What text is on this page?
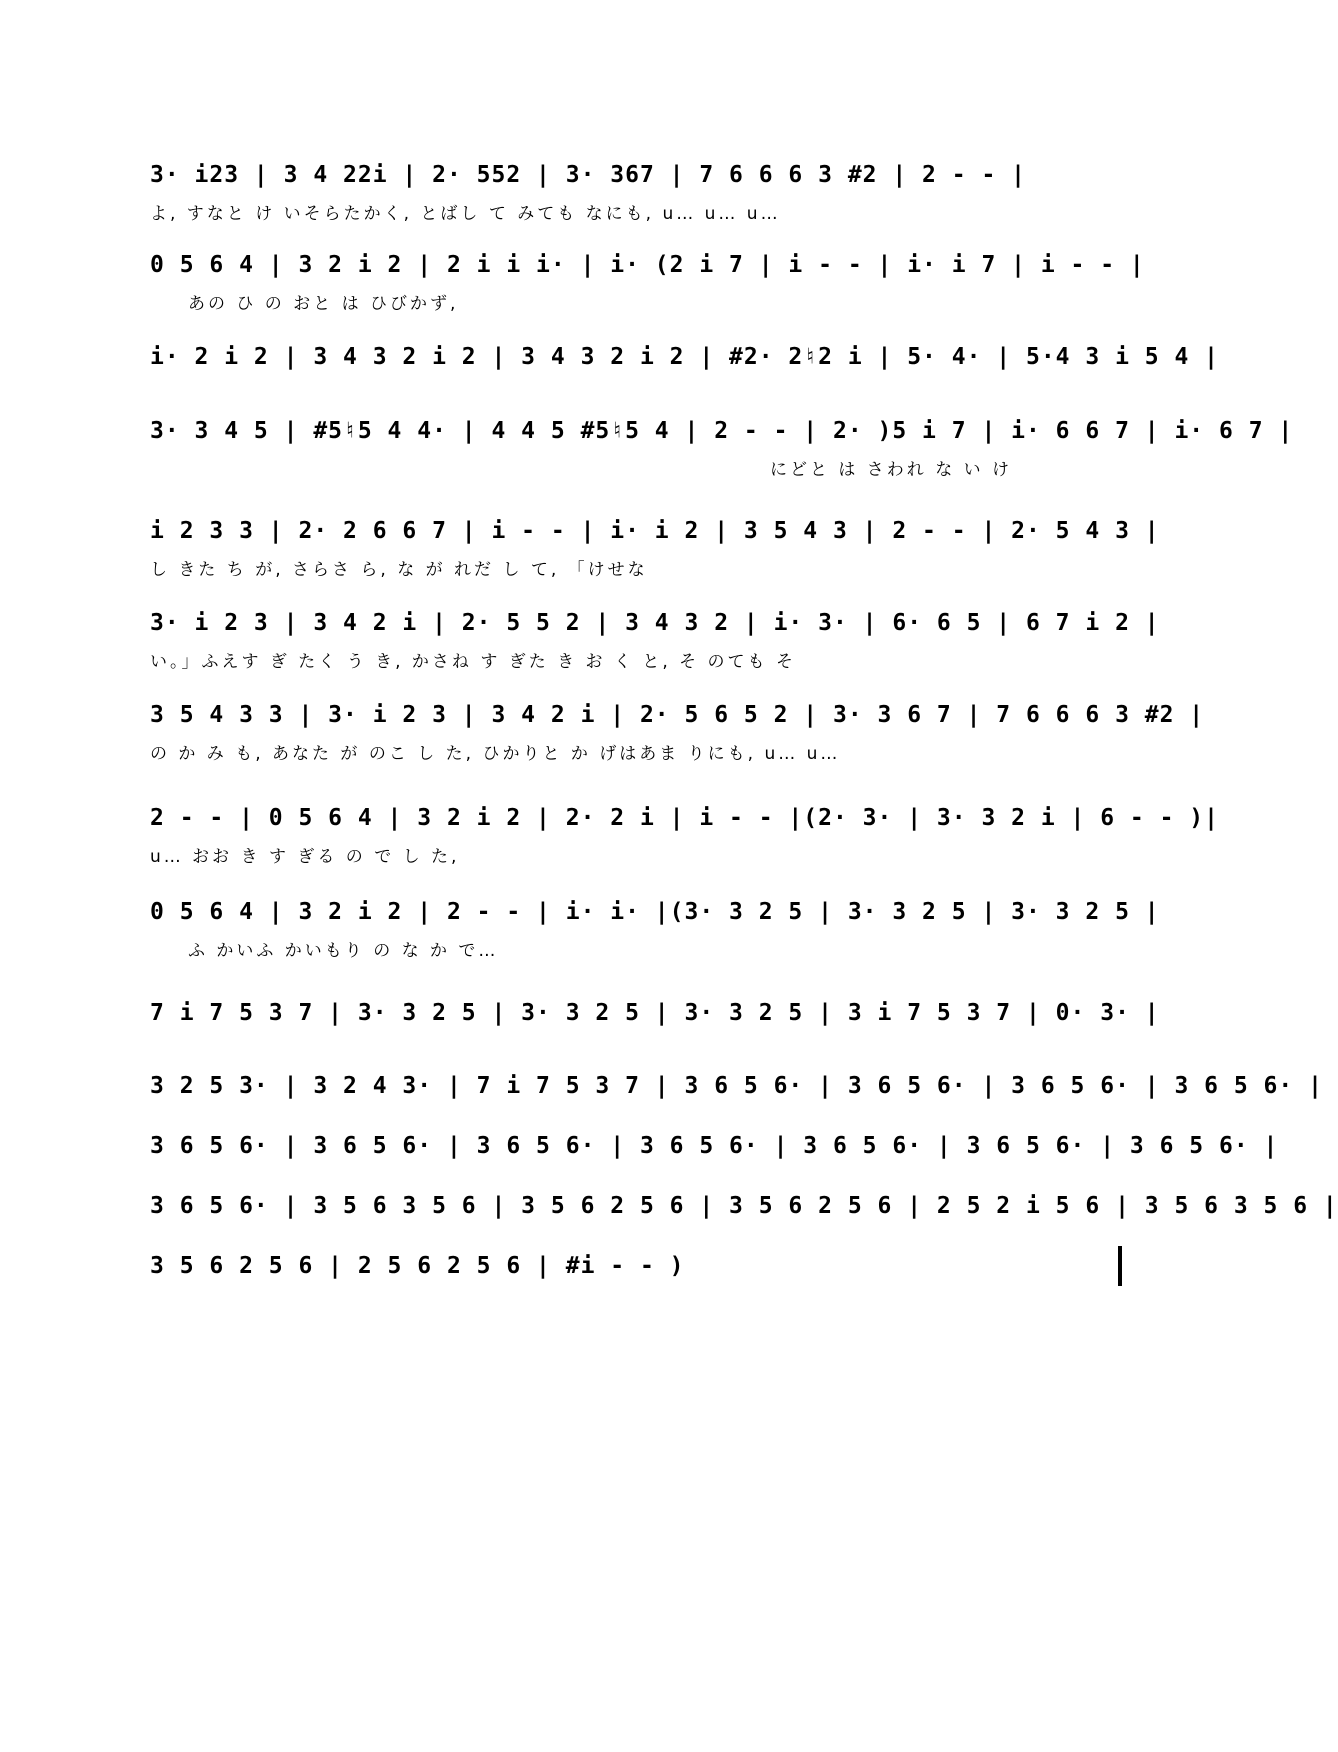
3· i23 | 3 4 22i | 2· 552 | 3· 367 | 7 6 6 6 3 #2 | 2 - - |
よ, すなと け いそらたかく, とばし て みても なにも, u… u… u…
0 5 6 4 | 3 2 i 2 | 2 i i i· | i· (2 i 7 | i - - | i· i 7 | i - - |
あの ひ の おと は ひびかず,
i· 2 i 2 | 3 4 3 2 i 2 | 3 4 3 2 i 2 | #2· 2♮2 i | 5· 4· | 5·4 3 i 5 4 |
3· 3 4 5 | #5♮5 4 4· | 4 4 5 #5♮5 4 | 2 - - | 2· )5 i 7 | i· 6 6 7 | i· 6 7 |
にどと は さわれ な い け
i 2 3 3 | 2· 2 6 6 7 | i - - | i· i 2 | 3 5 4 3 | 2 - - | 2· 5 4 3 |
し きた ち が, さらさ ら, な が れだ し て, 「けせな
3· i 2 3 | 3 4 2 i | 2· 5 5 2 | 3 4 3 2 | i· 3· | 6· 6 5 | 6 7 i 2 |
い。」ふえす ぎ たく う き, かさね す ぎた き お く と, そ のても そ
3 5 4 3 3 | 3· i 2 3 | 3 4 2 i | 2· 5 6 5 2 | 3· 3 6 7 | 7 6 6 6 3 #2 |
の か み も, あなた が のこ し た, ひかりと か げはあま りにも, u… u…
2 - - | 0 5 6 4 | 3 2 i 2 | 2· 2 i | i - - |(2· 3· | 3· 3 2 i | 6 - - )|
u… おお き す ぎる の で し た,
0 5 6 4 | 3 2 i 2 | 2 - - | i· i· |(3· 3 2 5 | 3· 3 2 5 | 3· 3 2 5 |
ふ かいふ かいもり の な か で…
7 i 7 5 3 7 | 3· 3 2 5 | 3· 3 2 5 | 3· 3 2 5 | 3 i 7 5 3 7 | 0· 3· |
3 2 5 3· | 3 2 4 3· | 7 i 7 5 3 7 | 3 6 5 6· | 3 6 5 6· | 3 6 5 6· | 3 6 5 6· |
3 6 5 6· | 3 6 5 6· | 3 6 5 6· | 3 6 5 6· | 3 6 5 6· | 3 6 5 6· | 3 6 5 6· |
3 6 5 6· | 3 5 6 3 5 6 | 3 5 6 2 5 6 | 3 5 6 2 5 6 | 2 5 2 i 5 6 | 3 5 6 3 5 6 |
3 5 6 2 5 6 | 2 5 6 2 5 6 | #i - - )
